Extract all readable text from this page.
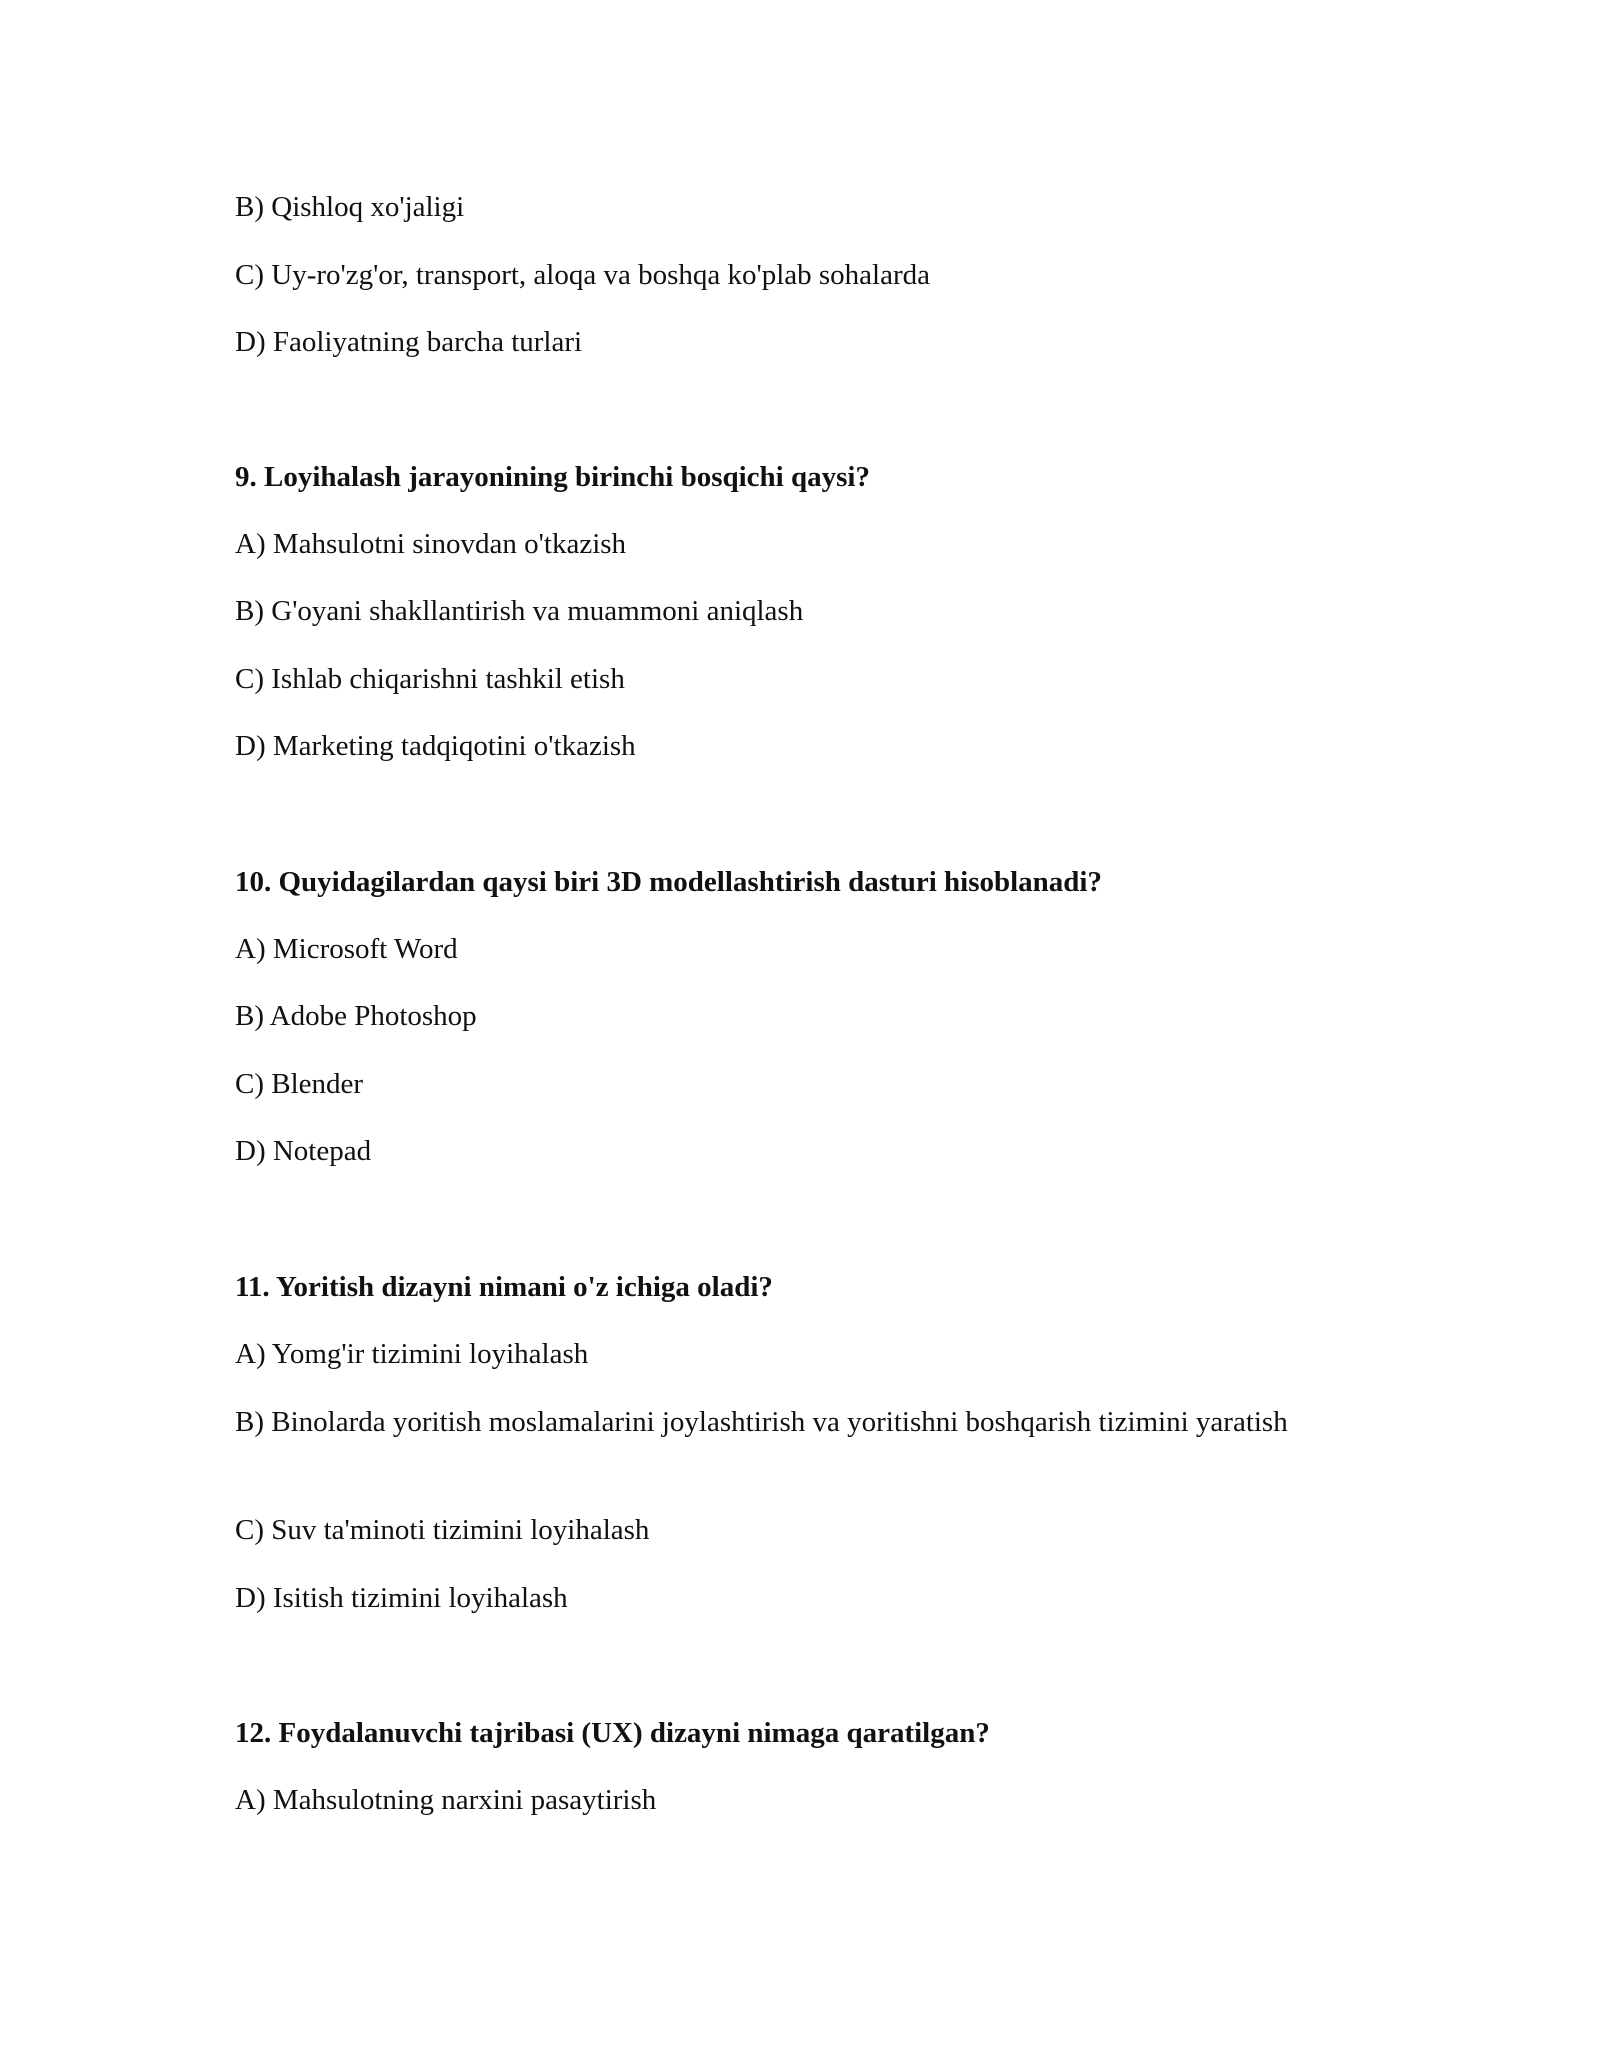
B) Qishloq xo'jaligi
C) Uy-ro'zg'or, transport, aloqa va boshqa ko'plab sohalarda
D) Faoliyatning barcha turlari
9. Loyihalash jarayonining birinchi bosqichi qaysi?
A) Mahsulotni sinovdan o'tkazish
B) G'oyani shakllantirish va muammoni aniqlash
C) Ishlab chiqarishni tashkil etish
D) Marketing tadqiqotini o'tkazish
10. Quyidagilardan qaysi biri 3D modellashtirish dasturi hisoblanadi?
A) Microsoft Word
B) Adobe Photoshop
C) Blender
D) Notepad
11. Yoritish dizayni nimani o'z ichiga oladi?
A) Yomg'ir tizimini loyihalash
B) Binolarda yoritish moslamalarini joylashtirish va yoritishni boshqarish tizimini yaratish
C) Suv ta'minoti tizimini loyihalash
D) Isitish tizimini loyihalash
12. Foydalanuvchi tajribasi (UX) dizayni nimaga qaratilgan?
A) Mahsulotning narxini pasaytirish
